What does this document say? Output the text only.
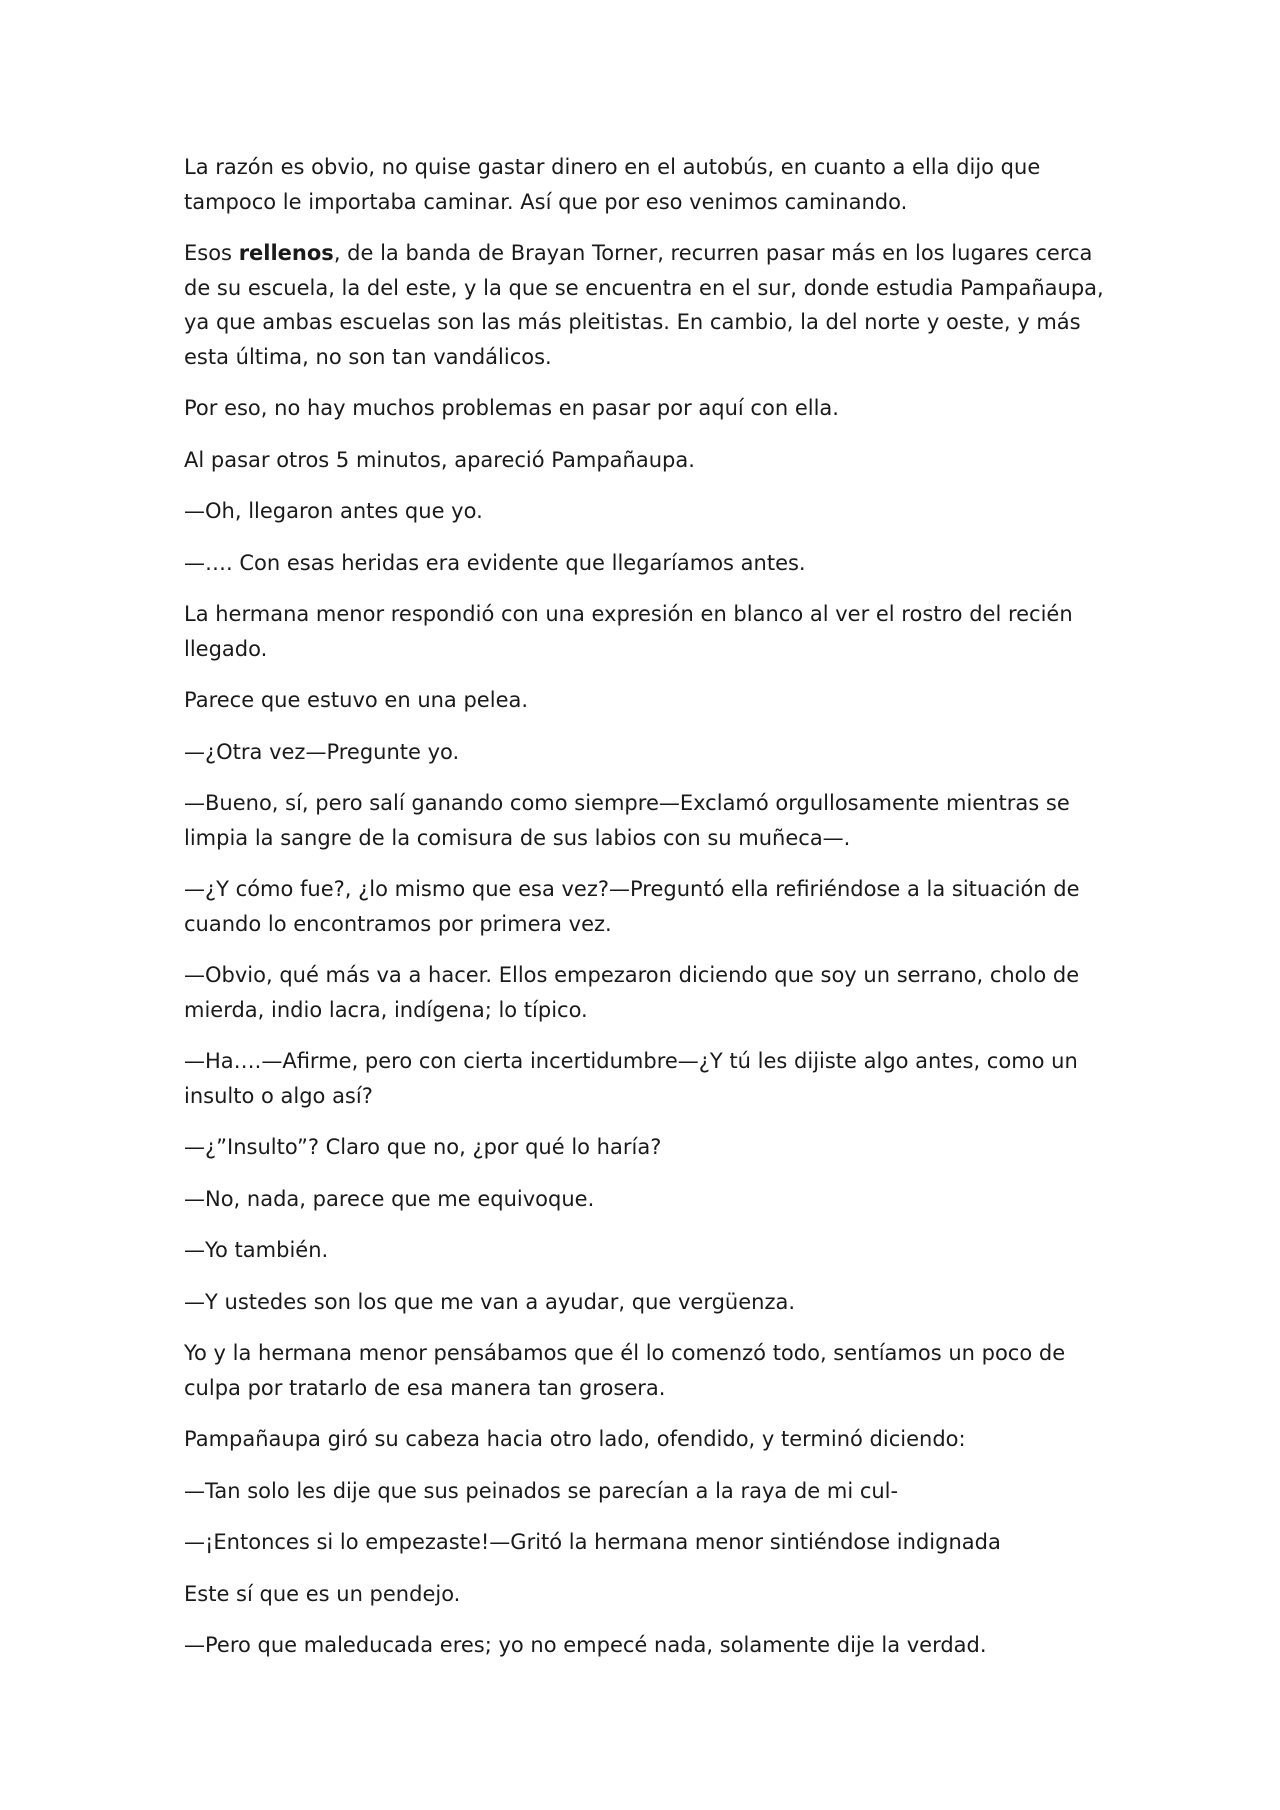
La razón es obvio, no quise gastar dinero en el autobús, en cuanto a ella dijo que tampoco le importaba caminar. Así que por eso venimos caminando.

Esos rellenos, de la banda de Brayan Torner, recurren pasar más en los lugares cerca de su escuela, la del este, y la que se encuentra en el sur, donde estudia Pampañaupa, ya que ambas escuelas son las más pleitistas. En cambio, la del norte y oeste, y más esta última, no son tan vandálicos.

Por eso, no hay muchos problemas en pasar por aquí con ella.

Al pasar otros 5 minutos, apareció Pampañaupa.

—Oh, llegaron antes que yo.

—…. Con esas heridas era evidente que llegaríamos antes.

La hermana menor respondió con una expresión en blanco al ver el rostro del recién llegado.

Parece que estuvo en una pelea.

—¿Otra vez—Pregunte yo.

—Bueno, sí, pero salí ganando como siempre—Exclamó orgullosamente mientras se limpia la sangre de la comisura de sus labios con su muñeca—.

—¿Y cómo fue?, ¿lo mismo que esa vez?—Preguntó ella refiriéndose a la situación de cuando lo encontramos por primera vez.

—Obvio, qué más va a hacer. Ellos empezaron diciendo que soy un serrano, cholo de mierda, indio lacra, indígena; lo típico.

—Ha….—Afirme, pero con cierta incertidumbre—¿Y tú les dijiste algo antes, como un insulto o algo así?

—¿”Insulto”? Claro que no, ¿por qué lo haría?

—No, nada, parece que me equivoque.

—Yo también.

—Y ustedes son los que me van a ayudar, que vergüenza.

Yo y la hermana menor pensábamos que él lo comenzó todo, sentíamos un poco de culpa por tratarlo de esa manera tan grosera.

Pampañaupa giró su cabeza hacia otro lado, ofendido, y terminó diciendo:

—Tan solo les dije que sus peinados se parecían a la raya de mi cul-

—¡Entonces si lo empezaste!—Gritó la hermana menor sintiéndose indignada

Este sí que es un pendejo.

—Pero que maleducada eres; yo no empecé nada, solamente dije la verdad.
